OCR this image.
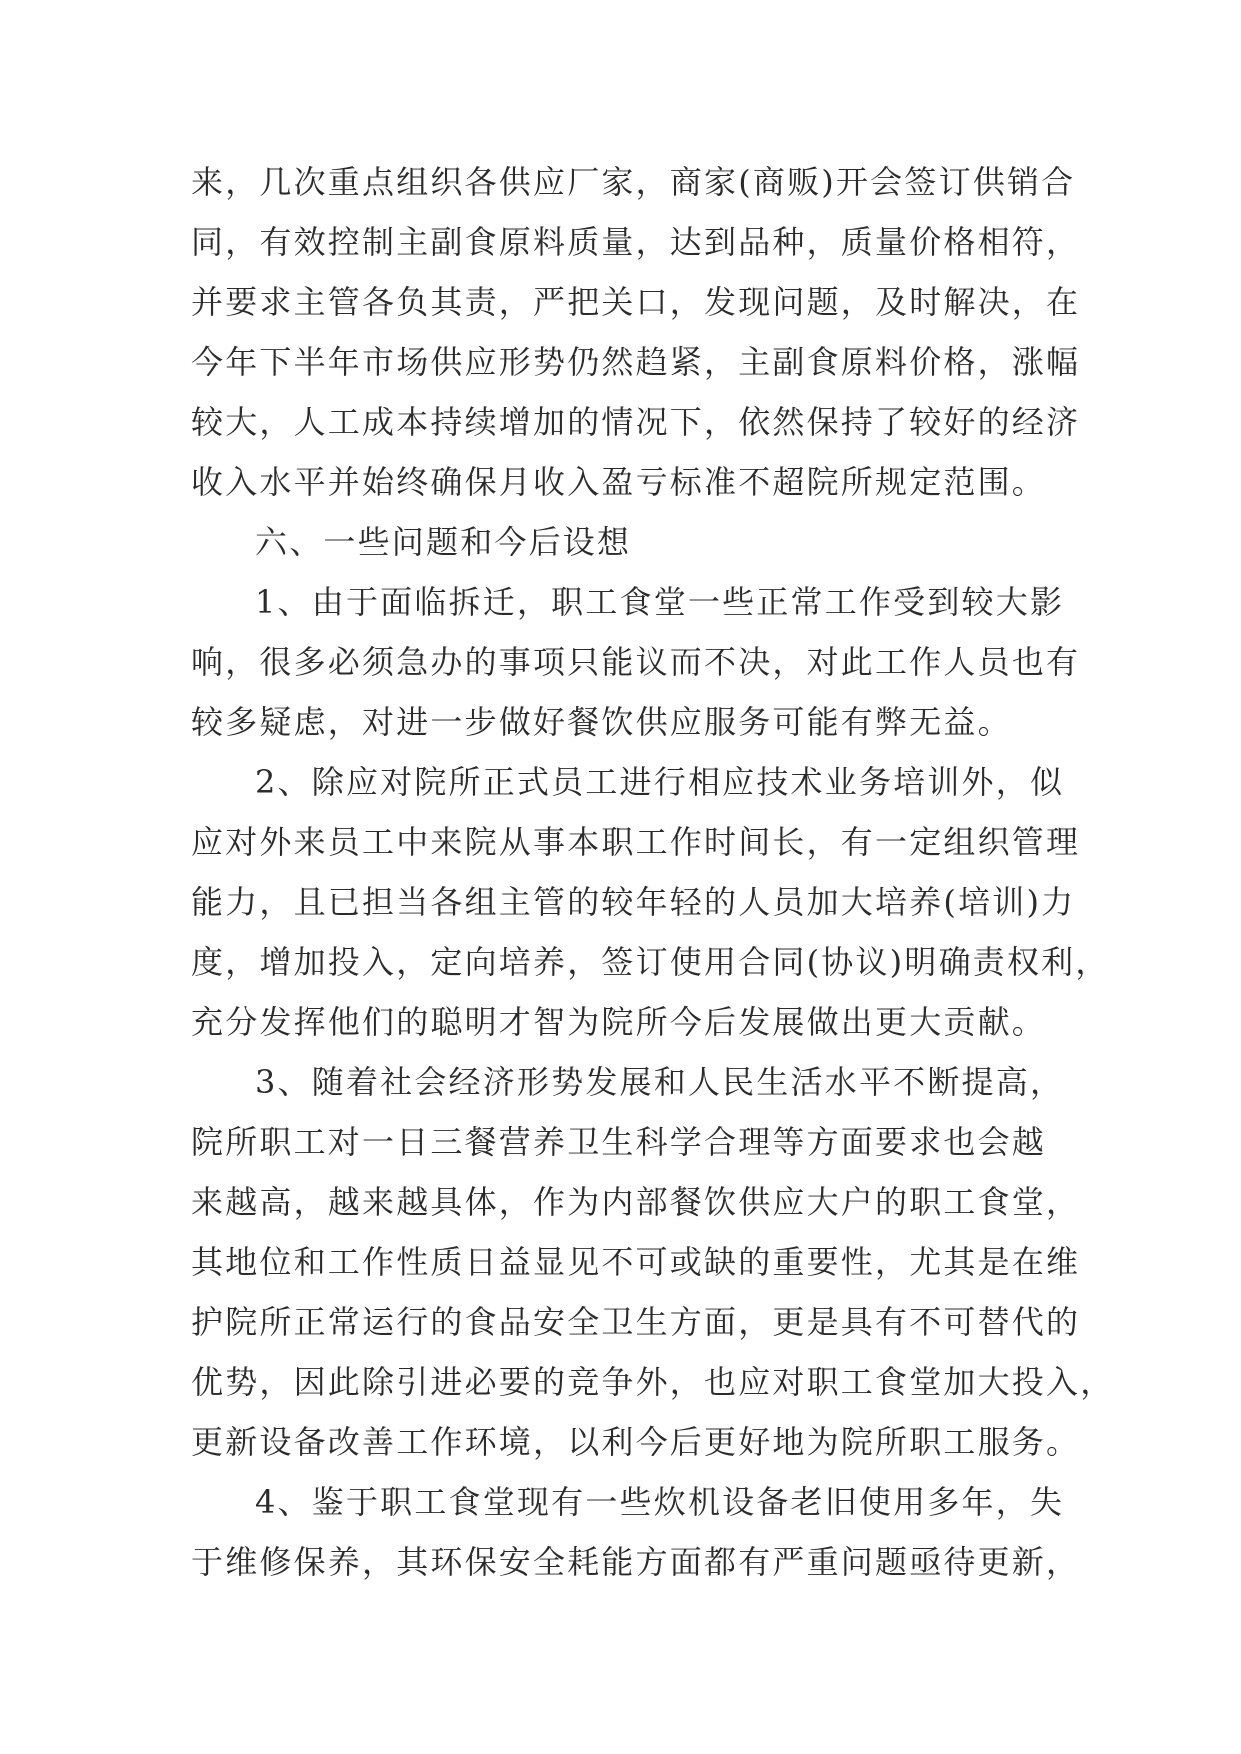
来，几次重点组织各供应厂家，商家(商贩)开会签订供销合
同，有效控制主副食原料质量，达到品种，质量价格相符，
并要求主管各负其责，严把关口，发现问题，及时解决，在
今年下半年市场供应形势仍然趋紧，主副食原料价格，涨幅
较大，人工成本持续增加的情况下，依然保持了较好的经济
收入水平并始终确保月收入盈亏标准不超院所规定范围。
六、一些问题和今后设想
1、由于面临拆迁，职工食堂一些正常工作受到较大影
响，很多必须急办的事项只能议而不决，对此工作人员也有
较多疑虑，对进一步做好餐饮供应服务可能有弊无益。
2、除应对院所正式员工进行相应技术业务培训外，似
应对外来员工中来院从事本职工作时间长，有一定组织管理
能力，且已担当各组主管的较年轻的人员加大培养(培训)力
度，增加投入，定向培养，签订使用合同(协议)明确责权利，
充分发挥他们的聪明才智为院所今后发展做出更大贡献。
3、随着社会经济形势发展和人民生活水平不断提高，
院所职工对一日三餐营养卫生科学合理等方面要求也会越
来越高，越来越具体，作为内部餐饮供应大户的职工食堂，
其地位和工作性质日益显见不可或缺的重要性，尤其是在维
护院所正常运行的食品安全卫生方面，更是具有不可替代的
优势，因此除引进必要的竞争外，也应对职工食堂加大投入，
更新设备改善工作环境，以利今后更好地为院所职工服务。
4、鉴于职工食堂现有一些炊机设备老旧使用多年，失
于维修保养，其环保安全耗能方面都有严重问题亟待更新，
